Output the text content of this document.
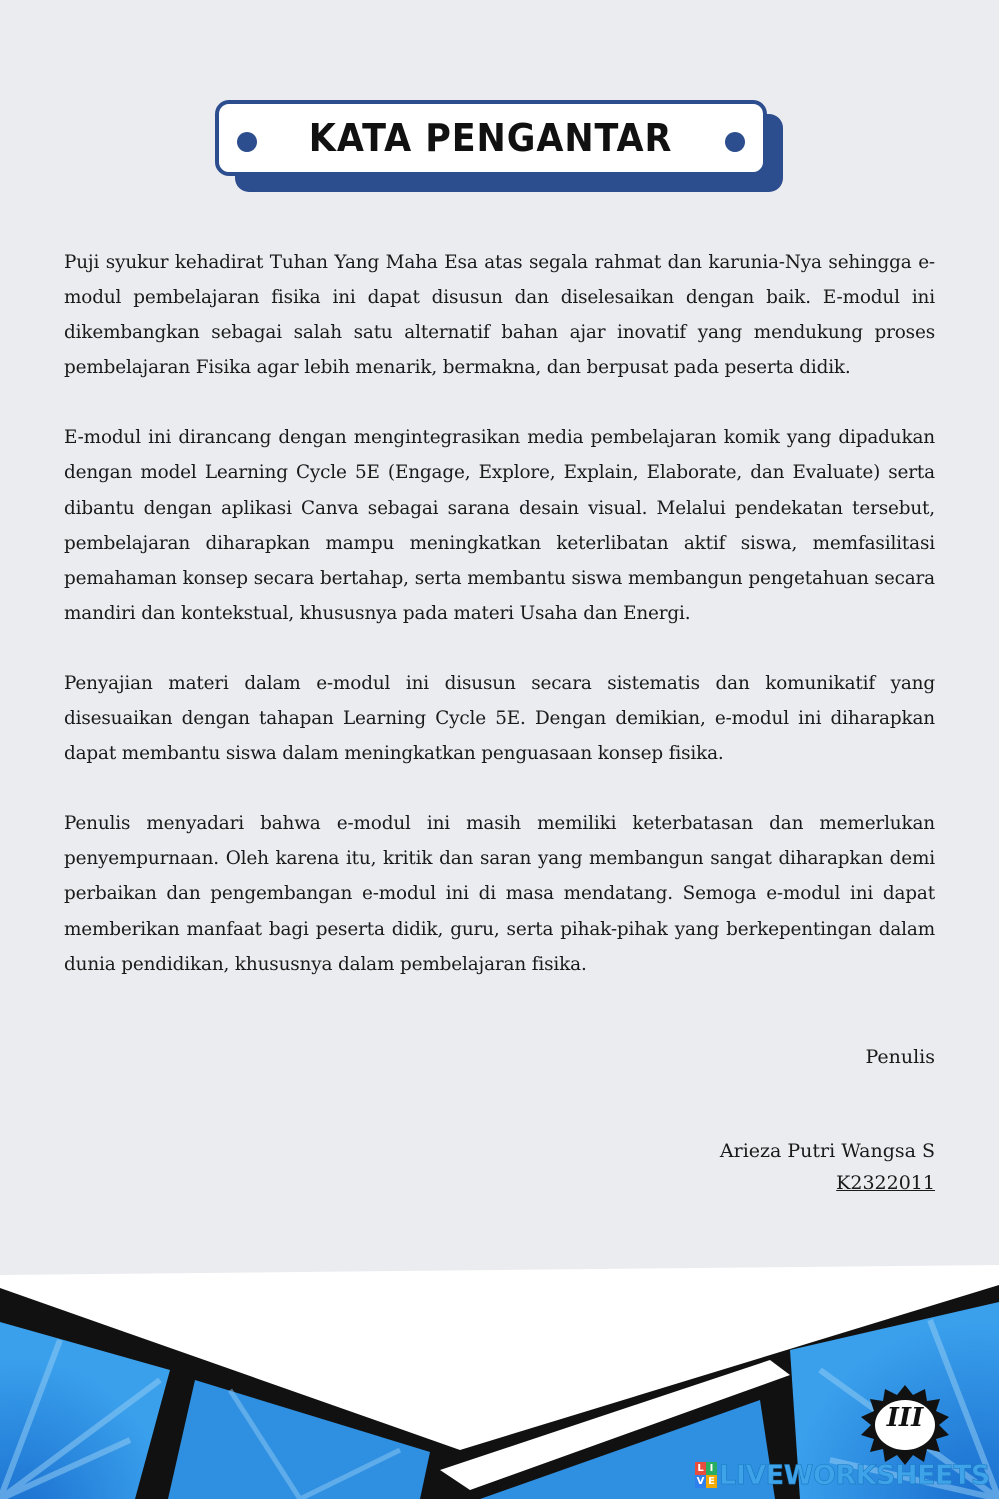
KATA PENGANTAR

Puji syukur kehadirat Tuhan Yang Maha Esa atas segala rahmat dan karunia-Nya sehingga e-modul pembelajaran fisika ini dapat disusun dan diselesaikan dengan baik. E-modul ini dikembangkan sebagai salah satu alternatif bahan ajar inovatif yang mendukung proses pembelajaran Fisika agar lebih menarik, bermakna, dan berpusat pada peserta didik.

E-modul ini dirancang dengan mengintegrasikan media pembelajaran komik yang dipadukan dengan model Learning Cycle 5E (Engage, Explore, Explain, Elaborate, dan Evaluate) serta dibantu dengan aplikasi Canva sebagai sarana desain visual. Melalui pendekatan tersebut, pembelajaran diharapkan mampu meningkatkan keterlibatan aktif siswa, memfasilitasi pemahaman konsep secara bertahap, serta membantu siswa membangun pengetahuan secara mandiri dan kontekstual, khususnya pada materi Usaha dan Energi.

Penyajian materi dalam e-modul ini disusun secara sistematis dan komunikatif yang disesuaikan dengan tahapan Learning Cycle 5E. Dengan demikian, e-modul ini diharapkan dapat membantu siswa dalam meningkatkan penguasaan konsep fisika.

Penulis menyadari bahwa e-modul ini masih memiliki keterbatasan dan memerlukan penyempurnaan. Oleh karena itu, kritik dan saran yang membangun sangat diharapkan demi perbaikan dan pengembangan e-modul ini di masa mendatang. Semoga e-modul ini dapat memberikan manfaat bagi peserta didik, guru, serta pihak-pihak yang berkepentingan dalam dunia pendidikan, khususnya dalam pembelajaran fisika.

Penulis
Arieza Putri Wangsa S
K2322011
III
L I
V E LIVEWORKSHEETS
